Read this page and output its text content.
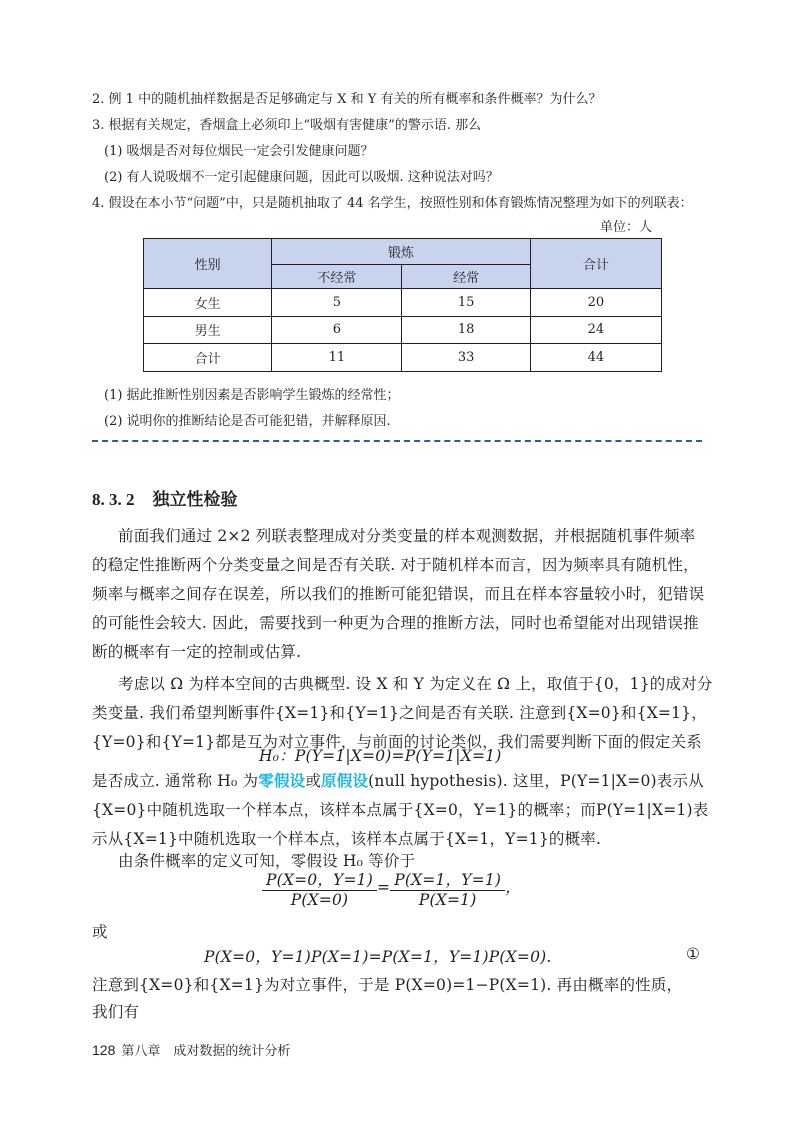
2. 例 1 中的随机抽样数据是否足够确定与 X 和 Y 有关的所有概率和条件概率？为什么？
3. 根据有关规定，香烟盒上必须印上“吸烟有害健康”的警示语. 那么
(1) 吸烟是否对每位烟民一定会引发健康问题？
(2) 有人说吸烟不一定引起健康问题，因此可以吸烟. 这种说法对吗？
4. 假设在本小节“问题”中，只是随机抽取了 44 名学生，按照性别和体育锻炼情况整理为如下的列联表：
单位：人
性别	锻炼		合计
	不经常	经常	
女生	5	15	20
男生	6	18	24
合计	11	33	44
(1) 据此推断性别因素是否影响学生锻炼的经常性；
(2) 说明你的推断结论是否可能犯错，并解释原因.
8. 3. 2 独立性检验
前面我们通过 2×2 列联表整理成对分类变量的样本观测数据，并根据随机事件频率
的稳定性推断两个分类变量之间是否有关联. 对于随机样本而言，因为频率具有随机性，
频率与概率之间存在误差，所以我们的推断可能犯错误，而且在样本容量较小时，犯错误
的可能性会较大. 因此，需要找到一种更为合理的推断方法，同时也希望能对出现错误推
断的概率有一定的控制或估算.
考虑以 Ω 为样本空间的古典概型. 设 X 和 Y 为定义在 Ω 上，取值于{0，1}的成对分
类变量. 我们希望判断事件{X=1}和{Y=1}之间是否有关联. 注意到{X=0}和{X=1}，
{Y=0}和{Y=1}都是互为对立事件，与前面的讨论类似，我们需要判断下面的假定关系
H₀：P(Y=1|X=0)=P(Y=1|X=1)
是否成立. 通常称 H₀ 为零假设或原假设(null hypothesis). 这里，P(Y=1|X=0)表示从
{X=0}中随机选取一个样本点，该样本点属于{X=0，Y=1}的概率；而P(Y=1|X=1)表
示从{X=1}中随机选取一个样本点，该样本点属于{X=1，Y=1}的概率.
由条件概率的定义可知，零假设 H₀ 等价于
$\frac{P(X=0,Y=1)}{P(X=0)} = \frac{P(X=1,Y=1)}{P(X=1)}$ ，
或
P(X=0，Y=1)P(X=1)=P(X=1，Y=1)P(X=0).	①
注意到{X=0}和{X=1}为对立事件，于是 P(X=0)=1−P(X=1). 再由概率的性质，
我们有
128 第八章　成对数据的统计分析
